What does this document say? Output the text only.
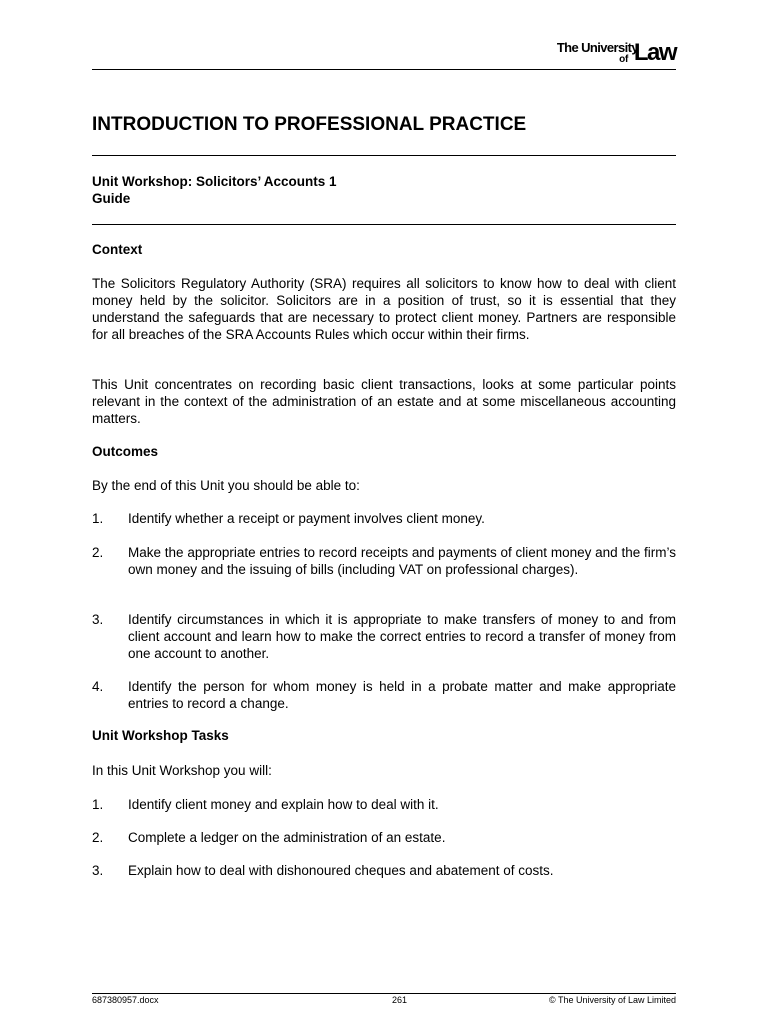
The University
of Law
INTRODUCTION TO PROFESSIONAL PRACTICE
Unit Workshop: Solicitors’ Accounts 1
Guide
Context
The Solicitors Regulatory Authority (SRA) requires all solicitors to know how to deal with client money held by the solicitor. Solicitors are in a position of trust, so it is essential that they understand the safeguards that are necessary to protect client money. Partners are responsible for all breaches of the SRA Accounts Rules which occur within their firms.
This Unit concentrates on recording basic client transactions, looks at some particular points relevant in the context of the administration of an estate and at some miscellaneous accounting matters.
Outcomes
By the end of this Unit you should be able to:
1. Identify whether a receipt or payment involves client money.
2. Make the appropriate entries to record receipts and payments of client money and the firm’s own money and the issuing of bills (including VAT on professional charges).
3. Identify circumstances in which it is appropriate to make transfers of money to and from client account and learn how to make the correct entries to record a transfer of money from one account to another.
4. Identify the person for whom money is held in a probate matter and make appropriate entries to record a change.
Unit Workshop Tasks
In this Unit Workshop you will:
1. Identify client money and explain how to deal with it.
2. Complete a ledger on the administration of an estate.
3. Explain how to deal with dishonoured cheques and abatement of costs.
687380957.docx	261	© The University of Law Limited
